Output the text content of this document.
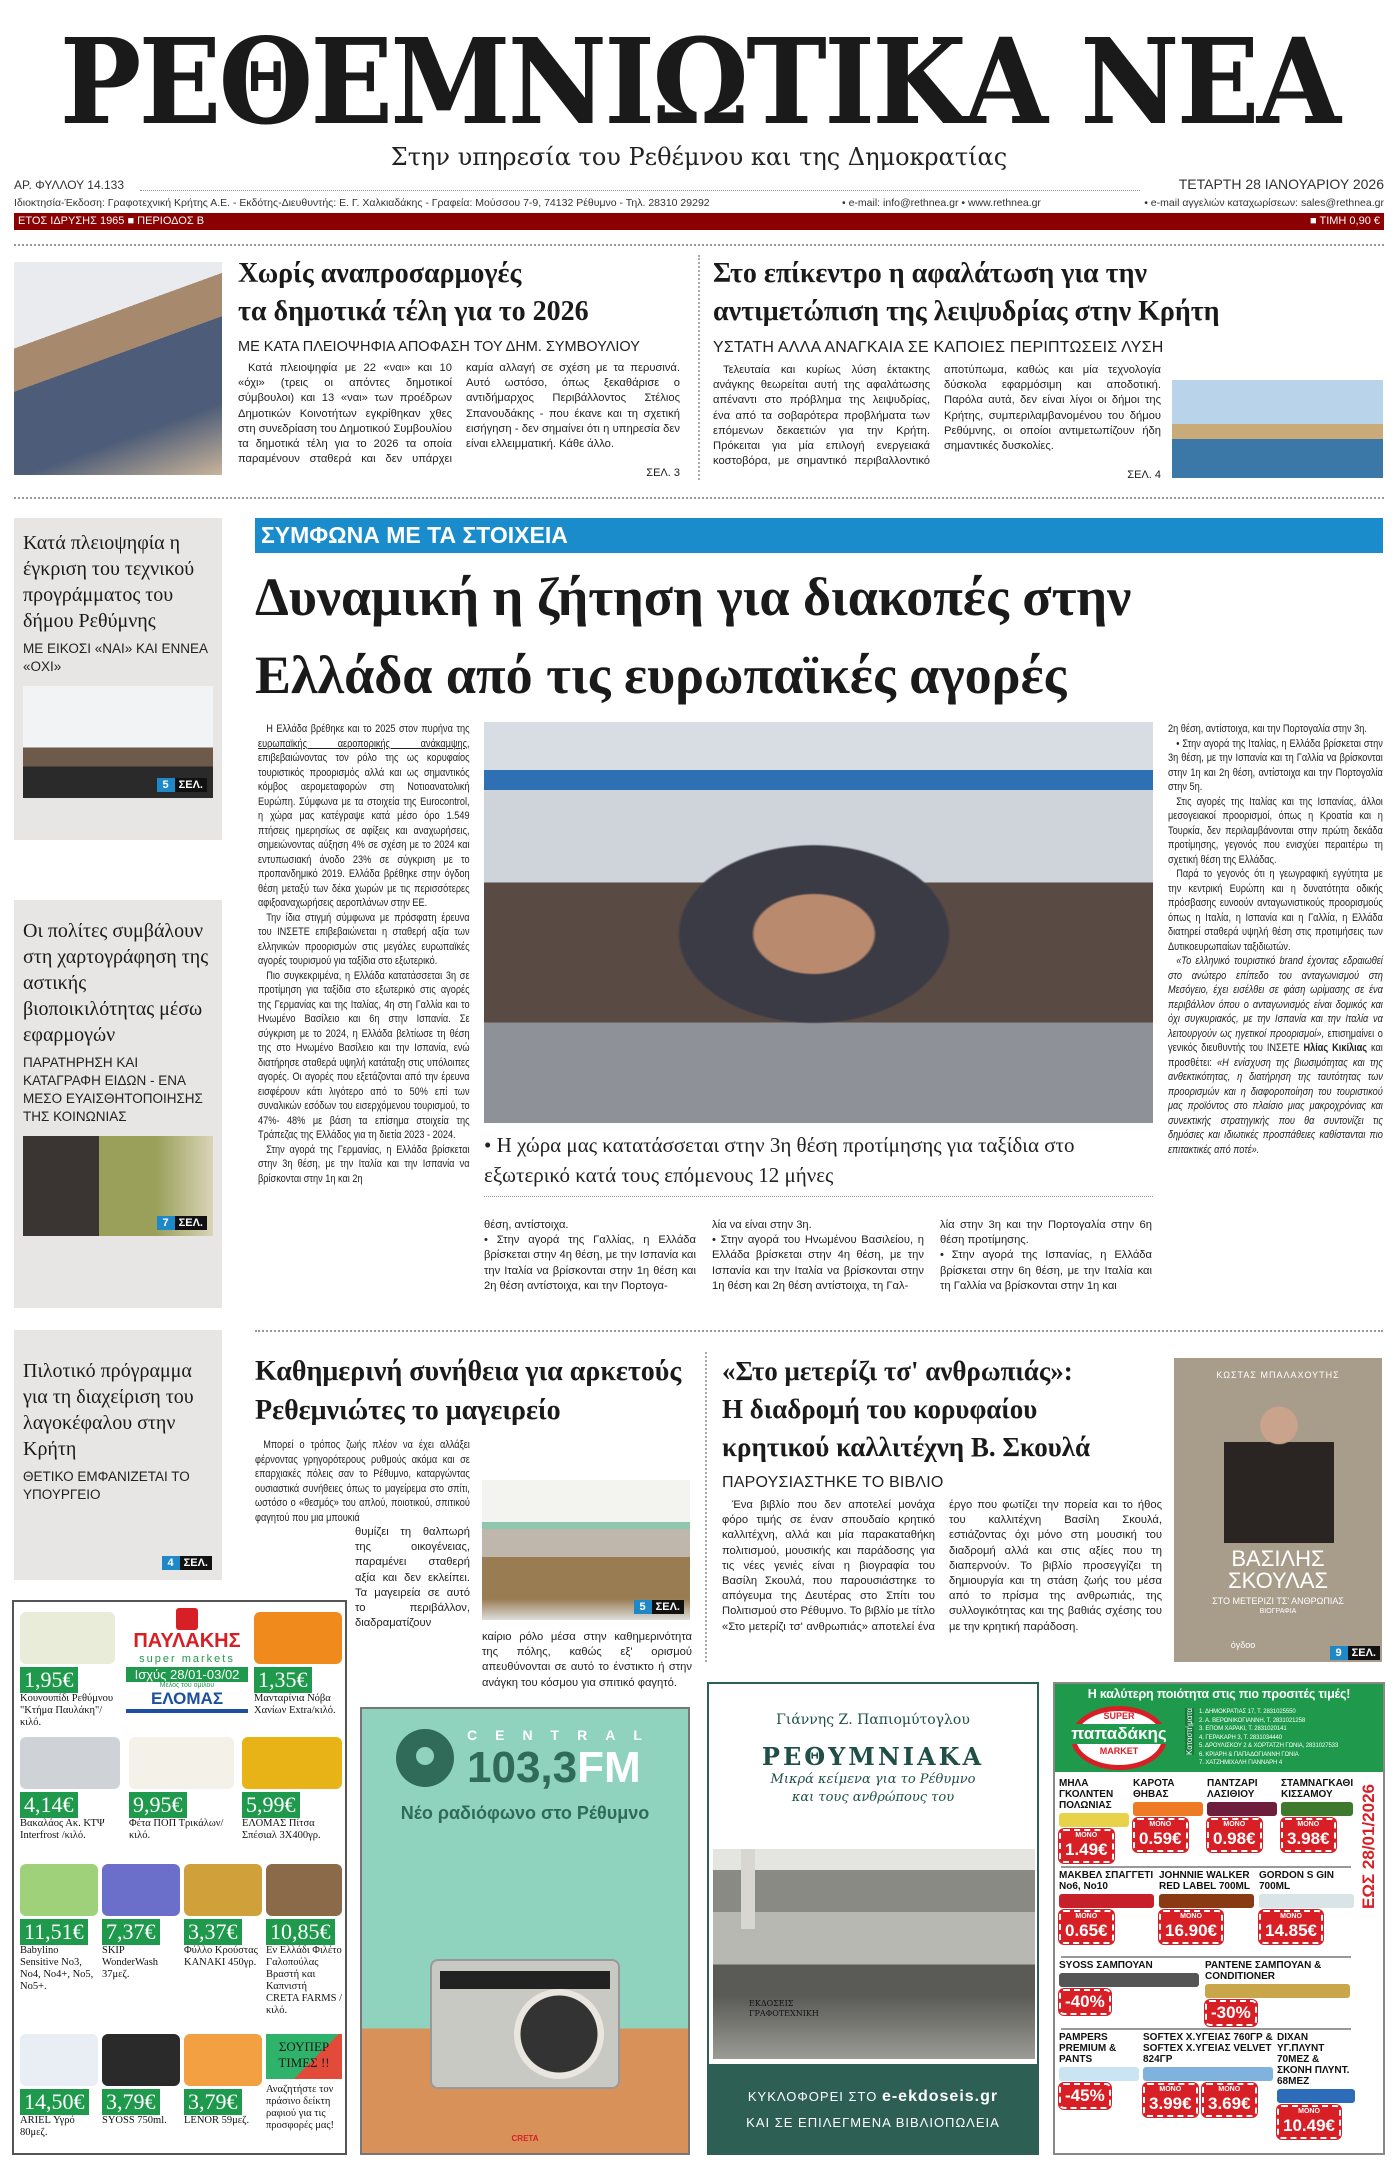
ΡΕΘΕΜΝΙΩΤΙΚΑ ΝΕΑ
Στην υπηρεσία του Ρεθέμνου και της Δημοκρατίας
ΑΡ. ΦΥΛΛΟΥ 14.133	ΤΕΤΑΡΤΗ 28 ΙΑΝΟΥΑΡΙΟΥ 2026
Ιδιοκτησία-Έκδοση: Γραφοτεχνική Κρήτης Α.Ε. - Εκδότης-Διευθυντής: Ε. Γ. Χαλκιαδάκης - Γραφεία: Μούσσου 7-9, 74132 Ρέθυμνο - Τηλ. 28310 29292	• e-mail: info@rethnea.gr • www.rethnea.gr	• e-mail αγγελιών καταχωρίσεων: sales@rethnea.gr
ΕΤΟΣ ΙΔΡΥΣΗΣ 1965 ■ ΠΕΡΙΟΔΟΣ Β	■ ΤΙΜΗ 0,90 €
Χωρίς αναπροσαρμογές
τα δημοτικά τέλη για το 2026
ΜΕ ΚΑΤΑ ΠΛΕΙΟΨΗΦΙΑ ΑΠΟΦΑΣΗ ΤΟΥ ΔΗΜ. ΣΥΜΒΟΥΛΙΟΥ

Κατά πλειοψηφία με 22 «ναι» και 10 «όχι» (τρεις οι απόντες δημοτικοί σύμβουλοι) και 13 «ναι» των προέδρων Δημοτικών Κοινοτήτων εγκρίθηκαν χθες στη συνεδρίαση του Δημοτικού Συμβουλίου τα δημοτικά τέλη για το 2026 τα οποία παραμένουν σταθερά και δεν υπάρχει καμία αλλαγή σε σχέση με τα περυσινά. Αυτό ωστόσο, όπως ξεκαθάρισε ο αντιδήμαρχος Περιβάλλοντος Στέλιος Σπανουδάκης - που έκανε και τη σχετική εισήγηση - δεν σημαίνει ότι η υπηρεσία δεν είναι ελλειμματική. Κάθε άλλο.

ΣΕΛ. 3
Στο επίκεντρο η αφαλάτωση για την
αντιμετώπιση της λειψυδρίας στην Κρήτη
ΥΣΤΑΤΗ ΑΛΛΑ ΑΝΑΓΚΑΙΑ ΣΕ ΚΑΠΟΙΕΣ ΠΕΡΙΠΤΩΣΕΙΣ ΛΥΣΗ

Τελευταία και κυρίως λύση έκτακτης ανάγκης θεωρείται αυτή της αφαλάτωσης απέναντι στο πρόβλημα της λειψυδρίας, ένα από τα σοβαρότερα προβλήματα των επόμενων δεκαετιών για την Κρήτη. Πρόκειται για μία επιλογή ενεργειακά κοστοβόρα, με σημαντικό περιβαλλοντικό αποτύπωμα, καθώς και μία τεχνολογία δύσκολα εφαρμόσιμη και αποδοτική. Παρόλα αυτά, δεν είναι λίγοι οι δήμοι της Κρήτης, συμπεριλαμβανομένου του δήμου Ρεθύμνης, οι οποίοι αντιμετωπίζουν ήδη σημαντικές δυσκολίες.

ΣΕΛ. 4
Κατά πλειοψηφία η έγκριση του τεχνικού προγράμματος του δήμου Ρεθύμνης
ΜΕ ΕΙΚΟΣΙ «ΝΑΙ» ΚΑΙ ΕΝΝΕΑ «ΟΧΙ»
5 ΣΕΛ.
Οι πολίτες συμβάλουν στη χαρτογράφηση της αστικής βιοποικιλότητας μέσω εφαρμογών
ΠΑΡΑΤΗΡΗΣΗ ΚΑΙ ΚΑΤΑΓΡΑΦΗ ΕΙΔΩΝ - ΕΝΑ ΜΕΣΟ ΕΥΑΙΣΘΗΤΟΠΟΙΗΣΗΣ ΤΗΣ ΚΟΙΝΩΝΙΑΣ
7 ΣΕΛ.
Πιλοτικό πρόγραμμα για τη διαχείριση του λαγοκέφαλου στην Κρήτη
ΘΕΤΙΚΟ ΕΜΦΑΝΙΖΕΤΑΙ ΤΟ ΥΠΟΥΡΓΕΙΟ
4 ΣΕΛ.
ΣΥΜΦΩΝΑ ΜΕ ΤΑ ΣΤΟΙΧΕΙΑ
Δυναμική η ζήτηση για διακοπές στην
Ελλάδα από τις ευρωπαϊκές αγορές

Η Ελλάδα βρέθηκε και το 2025 στον πυρήνα της ευρωπαϊκής αεροπορικής ανάκαμψης, επιβεβαιώνοντας τον ρόλο της ως κορυφαίος τουριστικός προορισμός αλλά και ως σημαντικός κόμβος αερομεταφορών στη Νοτιοανατολική Ευρώπη. Σύμφωνα με τα στοιχεία της Eurocontrol, η χώρα μας κατέγραψε κατά μέσο όρο 1.549 πτήσεις ημερησίως σε αφίξεις και αναχωρήσεις, σημειώνοντας αύξηση 4% σε σχέση με το 2024 και εντυπωσιακή άνοδο 23% σε σύγκριση με το προπανδημικό 2019. Ελλάδα βρέθηκε στην όγδοη θέση μεταξύ των δέκα χωρών με τις περισσότερες αφιξοαναχωρήσεις αεροπλάνων στην ΕΕ.

Την ίδια στιγμή σύμφωνα με πρόσφατη έρευνα του ΙΝΣΕΤΕ επιβεβαιώνεται η σταθερή αξία των ελληνικών προορισμών στις μεγάλες ευρωπαϊκές αγορές τουρισμού για ταξίδια στο εξωτερικό.

Πιο συγκεκριμένα, η Ελλάδα κατατάσσεται 3η σε προτίμηση για ταξίδια στο εξωτερικό στις αγορές της Γερμανίας και της Ιταλίας, 4η στη Γαλλία και το Ηνωμένο Βασίλειο και 6η στην Ισπανία. Σε σύγκριση με το 2024, η Ελλάδα βελτίωσε τη θέση της στο Ηνωμένο Βασίλειο και την Ισπανία, ενώ διατήρησε σταθερά υψηλή κατάταξη στις υπόλοιπες αγορές. Οι αγορές που εξετάζονται από την έρευνα εισφέρουν κάτι λιγότερο από το 50% επί των συναλικών εσόδων του εισερχόμενου τουρισμού, το 47%- 48% με βάση τα επίσημα στοιχεία της Τράπεζας της Ελλάδος για τη διετία 2023 - 2024.

Στην αγορά της Γερμανίας, η Ελλάδα βρίσκεται στην 3η θέση, με την Ιταλία και την Ισπανία να βρίσκονται στην 1η και 2η

• Η χώρα μας κατατάσσεται στην 3η θέση προτίμησης για ταξίδια στο εξωτερικό κατά τους επόμενους 12 μήνες
θέση, αντίστοιχα.
• Στην αγορά της Γαλλίας, η Ελλάδα βρίσκεται στην 4η θέση, με την Ισπανία και την Ιταλία να βρίσκονται στην 1η θέση και 2η θέση αντίστοιχα, και την Πορτογα-
λία να είναι στην 3η.
• Στην αγορά του Ηνωμένου Βασιλείου, η Ελλάδα βρίσκεται στην 4η θέση, με την Ισπανία και την Ιταλία να βρίσκονται στην 1η θέση και 2η θέση αντίστοιχα, τη Γαλ-
λία στην 3η και την Πορτογαλία στην 6η θέση προτίμησης.
• Στην αγορά της Ισπανίας, η Ελλάδα βρίσκεται στην 6η θέση, με την Ιταλία και τη Γαλλία να βρίσκονται στην 1η και

2η θέση, αντίστοιχα, και την Πορτογαλία στην 3η.

• Στην αγορά της Ιταλίας, η Ελλάδα βρίσκεται στην 3η θέση, με την Ισπανία και τη Γαλλία να βρίσκονται στην 1η και 2η θέση, αντίστοιχα και την Πορτογαλία στην 5η.

Στις αγορές της Ιταλίας και της Ισπανίας, άλλοι μεσογειακοί προορισμοί, όπως η Κροατία και η Τουρκία, δεν περιλαμβάνονται στην πρώτη δεκάδα προτίμησης, γεγονός που ενισχύει περαιτέρω τη σχετική θέση της Ελλάδας.

Παρά το γεγονός ότι η γεωγραφική εγγύτητα με την κεντρική Ευρώπη και η δυνατότητα οδικής πρόσβασης ευνοούν ανταγωνιστικούς προορισμούς όπως η Ιταλία, η Ισπανία και η Γαλλία, η Ελλάδα διατηρεί σταθερά υψηλή θέση στις προτιμήσεις των Δυτικοευρωπαίων ταξιδιωτών.

«Το ελληνικό τουριστικό brand έχοντας εδραιωθεί στο ανώτερο επίπεδο του ανταγωνισμού στη Μεσόγειο, έχει εισέλθει σε φάση ωρίμασης σε ένα περιβάλλον όπου ο ανταγωνισμός είναι δομικός και όχι συγκυριακός, με την Ισπανία και την Ιταλία να λειτουργούν ως ηγετικοί προορισμοί», επισημαίνει ο γενικός διευθυντής του ΙΝΣΕΤΕ Ηλίας Κικίλιας και προσθέτει: «Η ενίσχυση της βιωσιμότητας και της ανθεκτικότητας, η διατήρηση της ταυτότητας των προορισμών και η διαφοροποίηση του τουριστικού μας προϊόντος στο πλαίσιο μιας μακροχρόνιας και συνεκτικής στρατηγικής που θα συντονίζει τις δημόσιες και ιδιωτικές προσπάθειες καθίστανται πιο επιτακτικές από ποτέ».

Καθημερινή συνήθεια για αρκετούς Ρεθεμνιώτες το μαγειρείο

Μπορεί ο τρόπος ζωής πλέον να έχει αλλάξει φέρνοντας γρηγορότερους ρυθμούς ακόμα και σε επαρχιακές πόλεις σαν το Ρέθυμνο, καταργώντας ουσιαστικά συνήθειες όπως το μαγείρεμα στο σπίτι, ωστόσο ο «θεσμός» του απλού, ποιοτικού, σπιτικού φαγητού που μια μπουκιά

θυμίζει τη θαλπωρή της οικογένειας, παραμένει σταθερή αξία και δεν εκλείπει. Τα μαγειρεία σε αυτό το περιβάλλον, διαδραματίζουν
5 ΣΕΛ.
καίριο ρόλο μέσα στην καθημερινότητα της πόλης, καθώς εξ' ορισμού απευθύνονται σε αυτό το ένστικτο ή στην ανάγκη του κόσμου για σπιτικό φαγητό.
«Στο μετερίζι τσ' ανθρωπιάς»:
Η διαδρομή του κορυφαίου
κρητικού καλλιτέχνη Β. Σκουλά
ΠΑΡΟΥΣΙΑΣΤΗΚΕ ΤΟ ΒΙΒΛΙΟ

Ένα βιβλίο που δεν αποτελεί μονάχα φόρο τιμής σε έναν σπουδαίο κρητικό καλλιτέχνη, αλλά και μία παρακαταθήκη πολιτισμού, μουσικής και παράδοσης για τις νέες γενιές είναι η βιογραφία του Βασίλη Σκουλά, που παρουσιάστηκε το απόγευμα της Δευτέρας στο Σπίτι του Πολιτισμού στο Ρέθυμνο. Το βιβλίο με τίτλο «Στο μετερίζι τσ' ανθρωπιάς» αποτελεί ένα έργο που φωτίζει την πορεία και το ήθος του καλλιτέχνη Βασίλη Σκουλά, εστιάζοντας όχι μόνο στη μουσική του διαδρομή αλλά και στις αξίες που τη διαπερνούν. Το βιβλίο προσεγγίζει τη δημιουργία και τη στάση ζωής του μέσα από το πρίσμα της ανθρωπιάς, της συλλογικότητας και της βαθιάς σχέσης του με την κρητική παράδοση.

ΚΩΣΤΑΣ ΜΠΑΛΑΧΟΥΤΗΣ
ΒΑΣΙΛΗΣ
ΣΚΟΥΛΑΣ
ΣΤΟ ΜΕΤΕΡΙΖΙ ΤΣ' ΑΝΘΡΩΠΙΑΣ
ΒΙΟΓΡΑΦΙΑ
όγδοο
9 ΣΕΛ.
ΠΑΥΛΑΚΗΣ
super markets
Ισχύς 28/01-03/02
Μέλος του ομίλου
ΕΛΟΜΑΣ
1,95€
Κουνουπίδι Ρεθύμνου "Κτήμα Παυλάκη"/κιλό.
1,35€
Μανταρίνια Νόβα Χανίων Extra/κιλό.
4,14€
Βακαλάος Ακ. ΚΤΨ Interfrost /κιλό.
9,95€
Φέτα ΠΟΠ Τρικάλων/κιλό.
5,99€
ΕΛΟΜΑΣ Πίτσα Σπέσιαλ 3Χ400γρ.
11,51€
Babylino Sensitive No3, No4, No4+, No5, No5+.
7,37€
SKIP WonderWash 37μεζ.
3,37€
Φύλλο Κρούστας ΚΑΝΑΚΙ 450γρ.
10,85€
Εν Ελλάδι Φιλέτο Γαλοπούλας Βραστή και Καπνιστή CRETA FARMS /κιλό.
14,50€
ARIEL Υγρό 80μεζ.
3,79€
SYOSS 750ml.
3,79€
LENOR 59μεζ.
ΣΟΥΠΕΡ
ΤΙΜΕΣ !!
Αναζητήστε τον πράσινο δείκτη ραφιού για τις προσφορές μας!
CENTRAL
103,3FM
Νέο ραδιόφωνο στο Ρέθυμνο
CRETA
Γιάννης Ζ. Παπιομύτογλου
ΡΕΘΥΜΝΙΑΚΑ
Μικρά κείμενα για το Ρέθυμνο
και τους ανθρώπους του
ΕΚΔΟΣΕΙΣ ΓΡΑΦΟΤΕΧΝΙΚΗ
ΚΥΚΛΟΦΟΡΕΙ ΣΤΟ e-ekdoseis.gr
ΚΑΙ ΣΕ ΕΠΙΛΕΓΜΕΝΑ ΒΙΒΛΙΟΠΩΛΕΙΑ
Η καλύτερη ποιότητα στις πιο προσιτές τιμές!
SUPER
παπαδάκης
MARKET	Καταστήματα 1. ΔΗΜΟΚΡΑΤΙΑΣ 17, Τ. 2831025550
2. Α. ΒΕΡΩΝΙΚΟΓΙΑΝΝΗ, Τ. 2831021258
3. ΕΠΟΜ ΧΑΡΑΚΙ, Τ. 2831020141
4. ΓΕΡΑΚΑΡΗ 3, Τ. 2831034440
5. ΔΡΟΥΛΙΣΚΟΥ 2 & ΧΟΡΤΑΤΖΗ ΓΩΝΙΑ, 2831027533
6. ΚΡΙΑΡΗ & ΠΑΠΑΔΟΓΙΑΝΝΗ ΓΩΝΙΑ
7. ΧΑΤΖΗΜΙΧΑΛΗ ΓΙΑΝΝΑΡΗ 4
ΕΩΣ 28/01/2026
ΜΗΛΑ ΓΚΟΛΝΤΕΝ ΠΟΛΩΝΙΑΣ
ΜΟΝΟ
1.49€
ΚΑΡΟΤΑ ΘΗΒΑΣ
ΜΟΝΟ
0.59€
ΠΑΝΤΖΑΡΙ ΛΑΣΙΘΙΟΥ
ΜΟΝΟ
0.98€
ΣΤΑΜΝΑΓΚΑΘΙ ΚΙΣΣΑΜΟΥ
ΜΟΝΟ
3.98€
ΜΑΚΒΕΛ ΣΠΑΓΓΕΤΙ No6, No10
ΜΟΝΟ
0.65€
JOHNNIE WALKER RED LABEL 700ML
ΜΟΝΟ
16.90€
GORDON S GIN 700ML
ΜΟΝΟ
14.85€
SYOSS ΣΑΜΠΟΥΑΝ
-40%
PANTENE ΣΑΜΠΟΥΑΝ & CONDITIONER
-30%
PAMPERS PREMIUM & PANTS
-45%
SOFTEX Χ.ΥΓΕΙΑΣ 760ΓΡ & SOFTEX Χ.ΥΓΕΙΑΣ VELVET 824ΓΡ
ΜΟΝΟ
3.99€
ΜΟΝΟ
3.69€
DIXAN ΥΓ.ΠΛΥΝΤ 70ΜΕΖ & ΣΚΟΝΗ ΠΛΥΝΤ. 68ΜΕΖ
ΜΟΝΟ
10.49€
